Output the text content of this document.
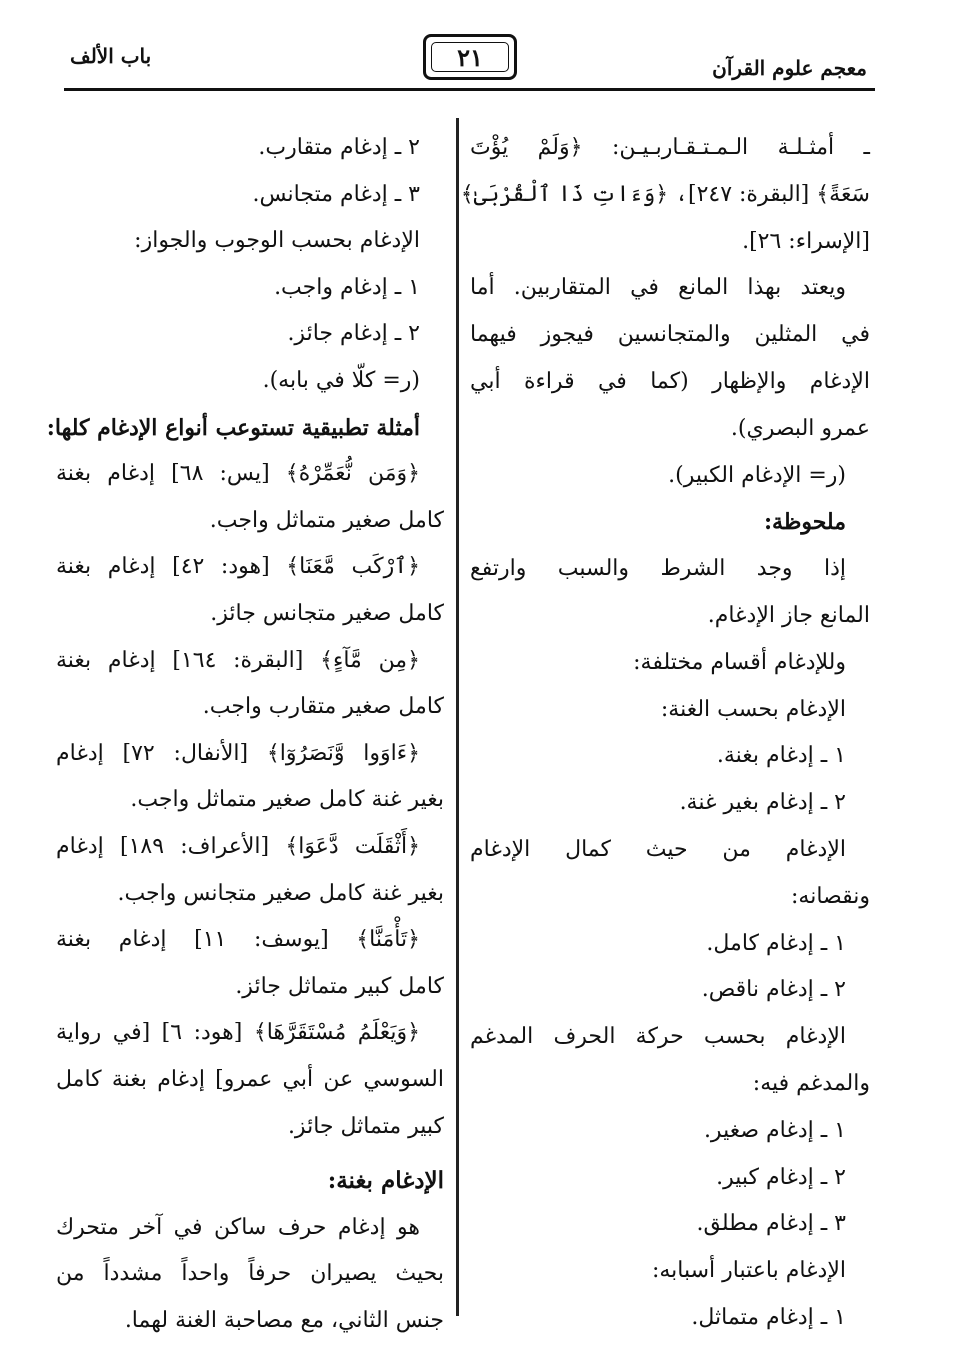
معجم علوم القرآن
٢١
باب الألف
ـ أمثـلـة الـمـتـقـاربـيـن: ﴿وَلَمْ يُؤْتَ
سَعَةً﴾ [البقرة: ٢٤٧]، ﴿وَءَاتِ ذَا ٱلْقُرْبَىٰ﴾
[الإسراء: ٢٦].
ويعتد بهذا المانع في المتقاربين. أما
في المثلين والمتجانسين فيجوز فيهما
الإدغام والإظهار (كما في قراءة أبي
عمرو البصري).
(ر= الإدغام الكبير).
ملحوظة:
إذا وجد الشرط والسبب وارتفع
المانع جاز الإدغام.
وللإدغام أقسام مختلفة:
الإدغام بحسب الغنة:
١ ـ إدغام بغنة.
٢ ـ إدغام بغير غنة.
الإدغام من حيث كمال الإدغام
ونقصانه:
١ ـ إدغام كامل.
٢ ـ إدغام ناقص.
الإدغام بحسب حركة الحرف المدغم
والمدغم فيه:
١ ـ إدغام صغير.
٢ ـ إدغام كبير.
٣ ـ إدغام مطلق.
الإدغام باعتبار أسبابه:
١ ـ إدغام متماثل.
٢ ـ إدغام متقارب.
٣ ـ إدغام متجانس.
الإدغام بحسب الوجوب والجواز:
١ ـ إدغام واجب.
٢ ـ إدغام جائز.
(ر= كلّا في بابه).
أمثلة تطبيقية تستوعب أنواع الإدغام كلها:
﴿وَمَن نُّعَمِّرْهُ﴾ [يس: ٦٨] إدغام بغنة
كامل صغير متماثل واجب.
﴿ٱرْكَب مَّعَنَا﴾ [هود: ٤٢] إدغام بغنة
كامل صغير متجانس جائز.
﴿مِن مَّآءٍ﴾ [البقرة: ١٦٤] إدغام بغنة
كامل صغير متقارب واجب.
﴿ءَاوَوا وَّنَصَرُوٓا﴾ [الأنفال: ٧٢] إدغام
بغير غنة كامل صغير متماثل واجب.
﴿أَثْقَلَت دَّعَوَا﴾ [الأعراف: ١٨٩] إدغام
بغير غنة كامل صغير متجانس واجب.
﴿تَأْمَنَّا﴾ [يوسف: ١١] إدغام بغنة
كامل كبير متماثل جائز.
﴿وَيَعْلَمُ مُسْتَقَرَّهَا﴾ [هود: ٦] [في رواية
السوسي عن أبي عمرو] إدغام بغنة كامل
كبير متماثل جائز.
الإدغام بغنة:
هو إدغام حرف ساكن في آخر متحرك
بحيث يصيران حرفاً واحداً مشدداً من
جنس الثاني، مع مصاحبة الغنة لهما.
